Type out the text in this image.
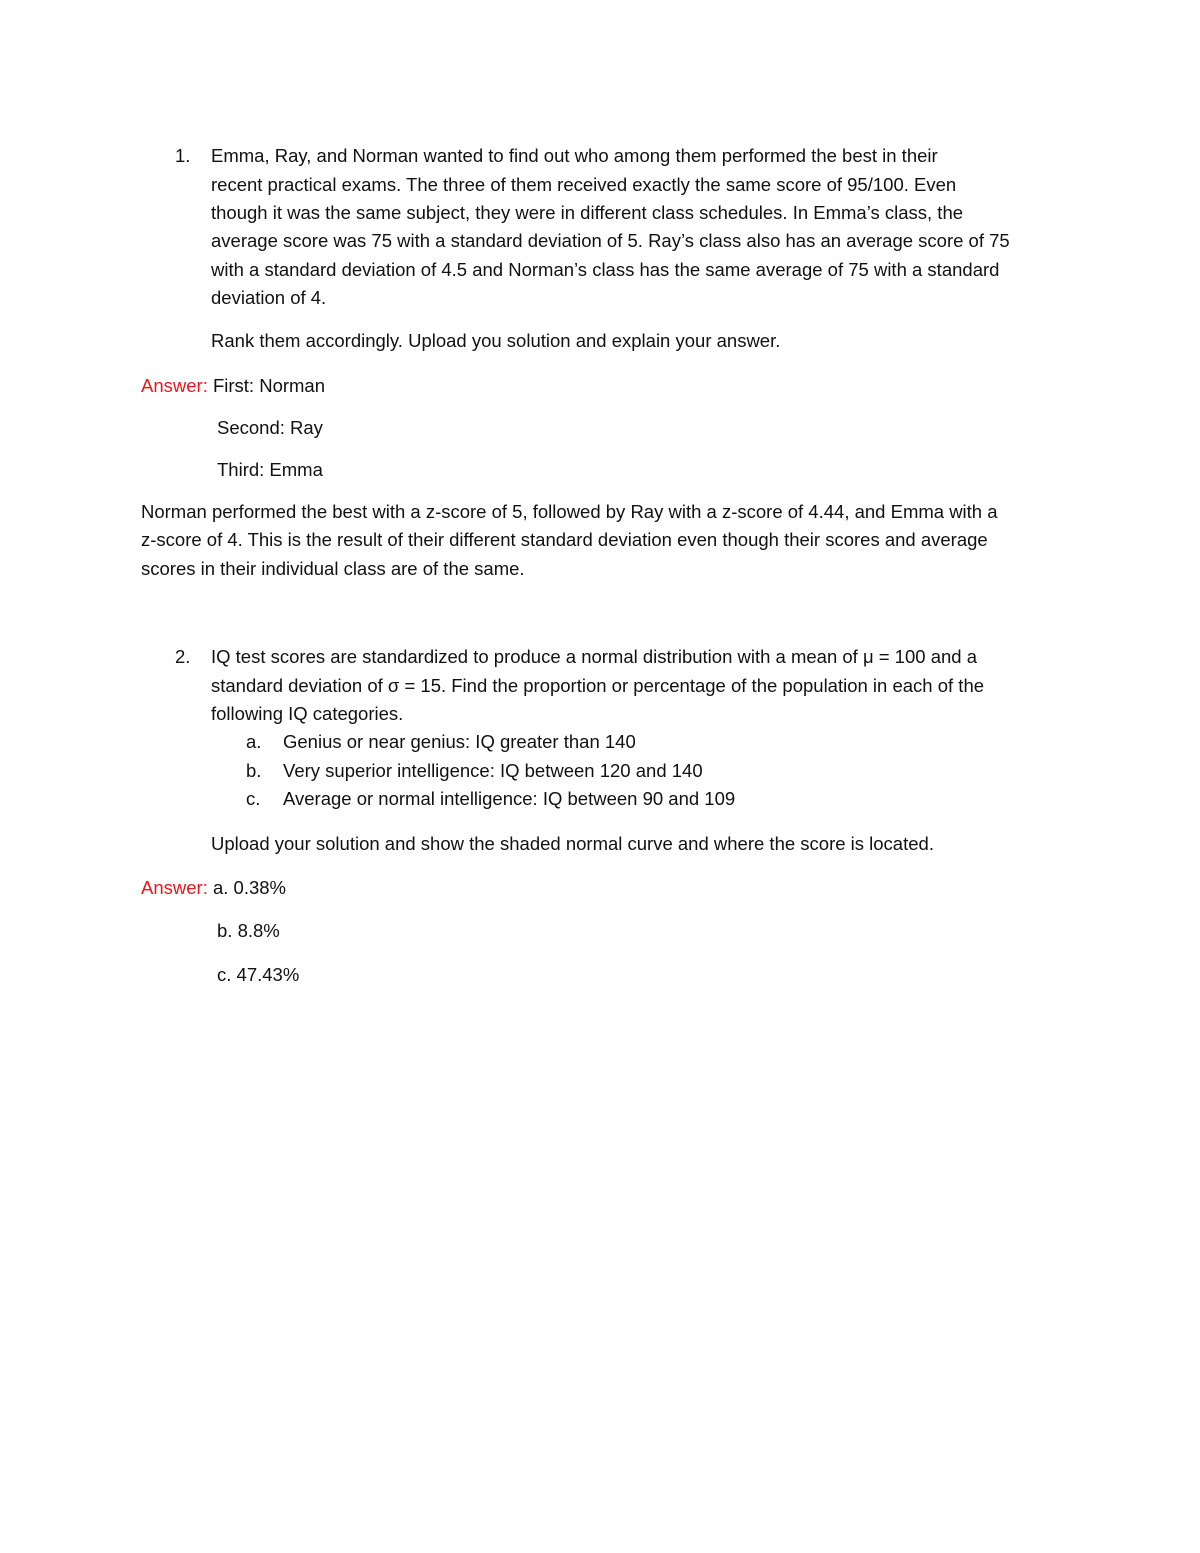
1. Emma, Ray, and Norman wanted to find out who among them performed the best in their
recent practical exams. The three of them received exactly the same score of 95/100. Even
though it was the same subject, they were in different class schedules. In Emma’s class, the
average score was 75 with a standard deviation of 5. Ray’s class also has an average score of 75
with a standard deviation of 4.5 and Norman’s class has the same average of 75 with a standard
deviation of 4.
Rank them accordingly. Upload you solution and explain your answer.
Answer: First: Norman
Second: Ray
Third: Emma
Norman performed the best with a z-score of 5, followed by Ray with a z-score of 4.44, and Emma with a
z-score of 4. This is the result of their different standard deviation even though their scores and average
scores in their individual class are of the same.
2. IQ test scores are standardized to produce a normal distribution with a mean of μ = 100 and a
standard deviation of σ = 15. Find the proportion or percentage of the population in each of the
following IQ categories.
a. Genius or near genius: IQ greater than 140
b. Very superior intelligence: IQ between 120 and 140
c. Average or normal intelligence: IQ between 90 and 109
Upload your solution and show the shaded normal curve and where the score is located.
Answer: a. 0.38%
b. 8.8%
c. 47.43%
